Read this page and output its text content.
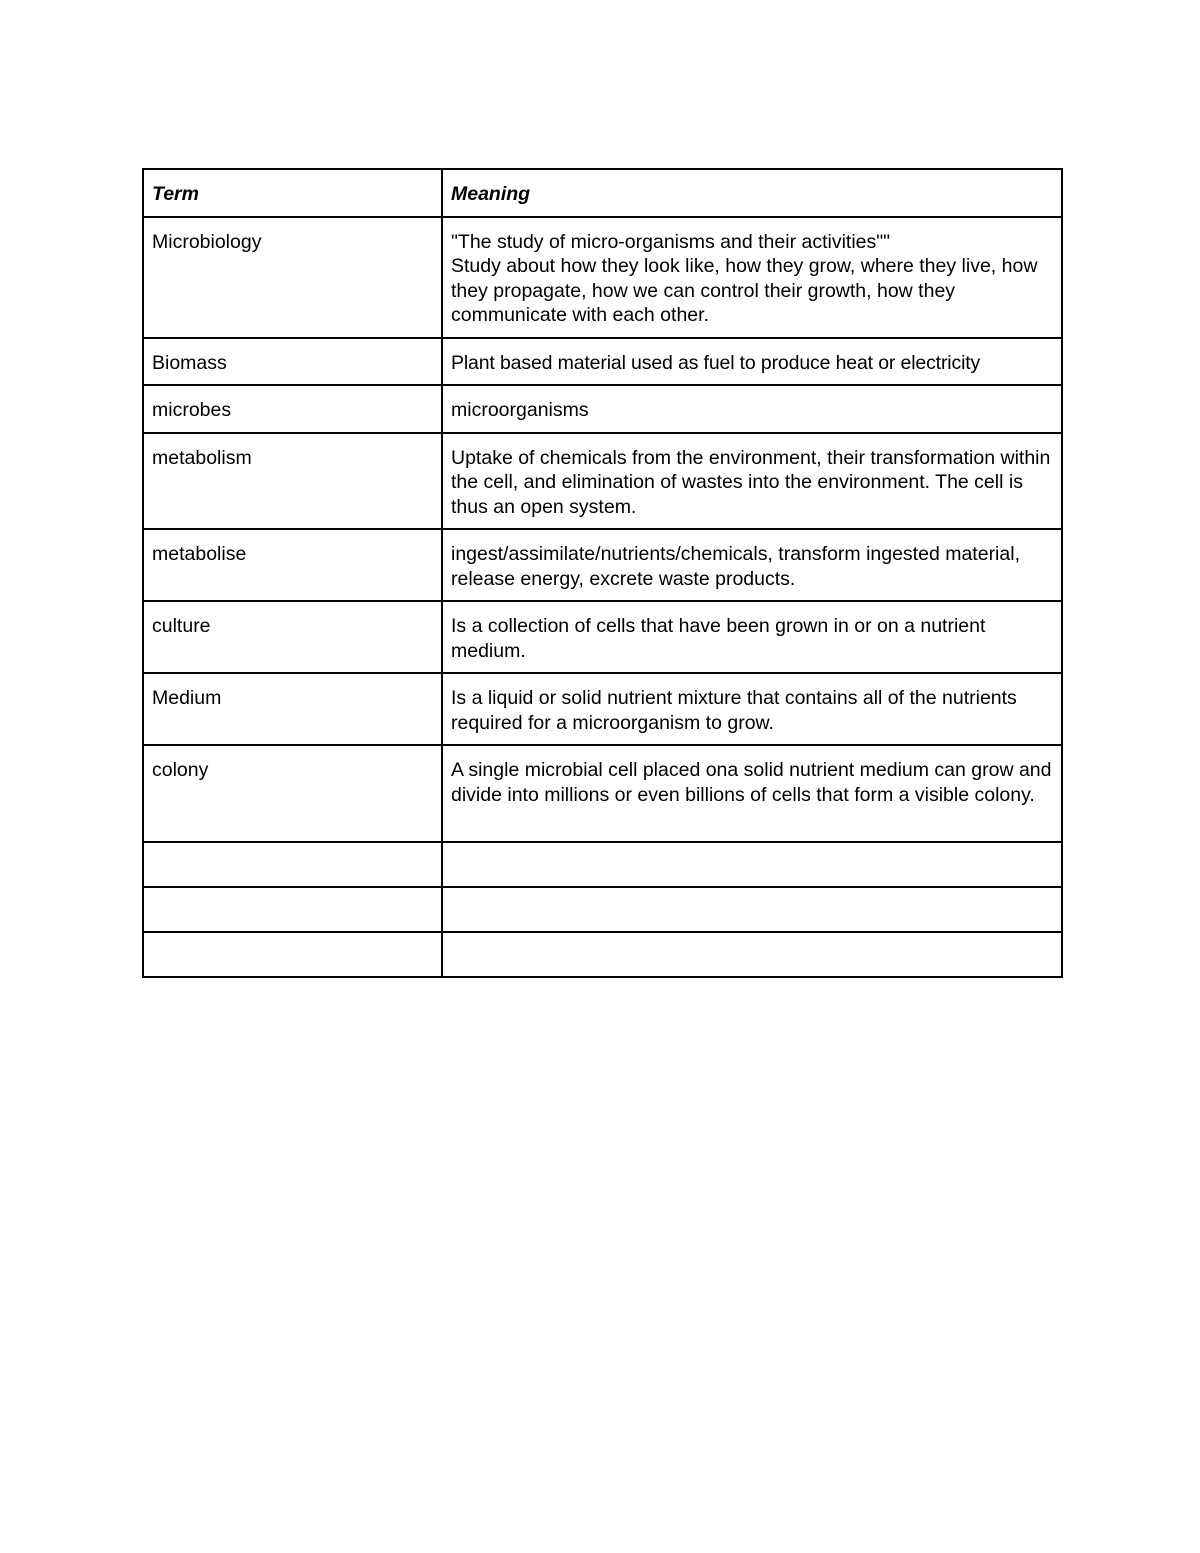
Term	Meaning
Microbiology	"The study of micro-organisms and their activities""
Study about how they look like, how they grow, where they live, how they propagate, how we can control their growth, how they communicate with each other.

Biomass	Plant based material used as fuel to produce heat or electricity
microbes	microorganisms
metabolism	Uptake of chemicals from the environment, their transformation within the cell, and elimination of wastes into the environment. The cell is thus an open system.
metabolise	ingest/assimilate/nutrients/chemicals, transform ingested material, release energy, excrete waste products.
culture	Is a collection of cells that have been grown in or on a nutrient medium.
Medium	Is a liquid or solid nutrient mixture that contains all of the nutrients required for a microorganism to grow.
colony	A single microbial cell placed ona solid nutrient medium can grow and divide into millions or even billions of cells that form a visible colony.
